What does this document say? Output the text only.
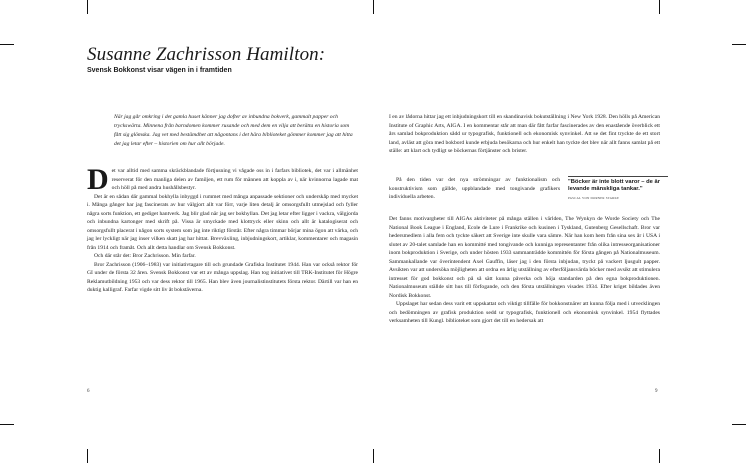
Susanne Zachrisson Hamilton:
Svensk Bokkonst visar vägen in i framtiden

När jag går omkring i det gamla huset känner jag dofter av inbundna bokverk, gammalt papper och tryckswärta. Minnena från barndomen kommer rusande och med dem en vilja att berätta en historia som fått sig glömska. Jag vet med bestämdhet att någontans i det hära biblioteket gömmer kommer jag att hitta det jag letar efter – historien om hur allt började.

Det var alltid med samma skräckblandade förtjusning vi vågade oss in i farfars bibliotek, det var i allmänhet reserverat för den manliga delen av familjen, ett rum för männen att koppla av i, när kvinnorna lagade mat och höll på med andra hushållsbestyr.

Det är en sådan där gammal bokhylla inbyggd i rummet med många anpassade sektioner och underskåp med mycket i. Många gånger har jag fascinerats av hur välgjort allt var förr, varje liten detalj är omsorgsfullt utmejslad och fyller några sorts funktion, ett gediget hantverk. Jag blir glad när jag ser bokhyllan. Det jag letar efter ligger i vackra, välgjorda och inbundna kartonger med skrift på. Vissa är smyckade med klottryck eller skinn och allt är katalogiserat och omsorgsfullt placerat i någon sorts system som jag inte riktigt förstår. Efter några timmar börjar mina ögon att värka, och jag ler lyckligt när jag inser vilken skatt jag har hittat. Brevväxling, inbjudningskort, artiklar, kommentarer och magasin från 1914 och framåt. Och allt detta handlar om Svensk Bokkonst.

Och där står det: Bror Zachrisson. Min farfar.

Bror Zachrisson (1906–1983) var initiativtagare till och grundade Grafiska Institutet 1944. Han var också rektor för GI under de första 32 åren. Svensk Bokkonst var ett av många uppslag. Han tog initiativet till TRK-Institutet för Högre Reklamutbildning 1953 och var dess rektor till 1965. Han blev även journalistinstitutets första rektor. Därtill var han en duktig kalligraf. Farfar vigde sitt liv åt bokstäverna.

I en av lådorna hittar jag ett inbjudningskort till en skandinavisk bokutställning i New York 1928. Den hölls på American Institute of Graphic Arts, AIGA. I en kommentar står att man där fått farfar fascinerades av den enastående överblick ett års samlad bokproduktion sådd ur typografisk, funktionell och ekonomisk synvinkel. Att se det fint tryckte de ett stort land, avläst att göra med bokbord kunde erbjuda besökarna och hur enkelt han tyckte det blev när allt fanns samlat på ett ställe: att klart och tydligt se böckernas förtjänster och brister.

På den tiden var det nya strömningar av funktionalism och konstruktivism som gällde, uppblandade med tongivande grafikers individuella arbeten.

Det fanns motivargheter till AIGAs aktiviteter på många ställen i världen, The Wynkyn de Worde Society och The National Book League i England, Ecole de Lure i Frankrike och kusinen i Tyskland, Gutenberg Gesellschaft. Bror var hedersmedlem i alla fem och tyckte säkert att Sverige inte skulle vara sämre. När han kom hem från sina sex år i USA i slutet av 20-talet samlade han en kommitté med tongivande och kunniga representanter från olika intresseorganisationer inom bokproduktion i Sverige, och under hösten 1933 sammanträdde kommittén för första gången på Nationalmuseum. Sammankallande var överintendent Axel Gauffin, läser jag i den första inbjudan, tryckt på vackert ljusgult papper. Avsikten var att undersöka möjligheten att ordna en årlig utställning av efterföljansvärda böcker med avsikt att stimulera intresset för god bokkonst och på så sätt kunna påverka och höja standarden på den egna bokproduktionen. Nationalmuseum ställde sitt hus till förfogande, och den första utställningen visades 1934. Efter kriget bildades även Nordisk Bokkonst.

Uppslaget har sedan dess varit ett uppskattat och viktigt tillfälle för bokkonstnärer att kunna följa med i utvecklingen och bedömningen av grafisk produktion sedd ur typografisk, funktionell och ekonomisk synvinkel. 1954 flyttades verksamheten till Kungl. biblioteket som gjort det till en hedersak att

"Böcker är inte blott varor – de är levande mänskliga tankar."
PASCAL VON DORNER STARKE
6	9
